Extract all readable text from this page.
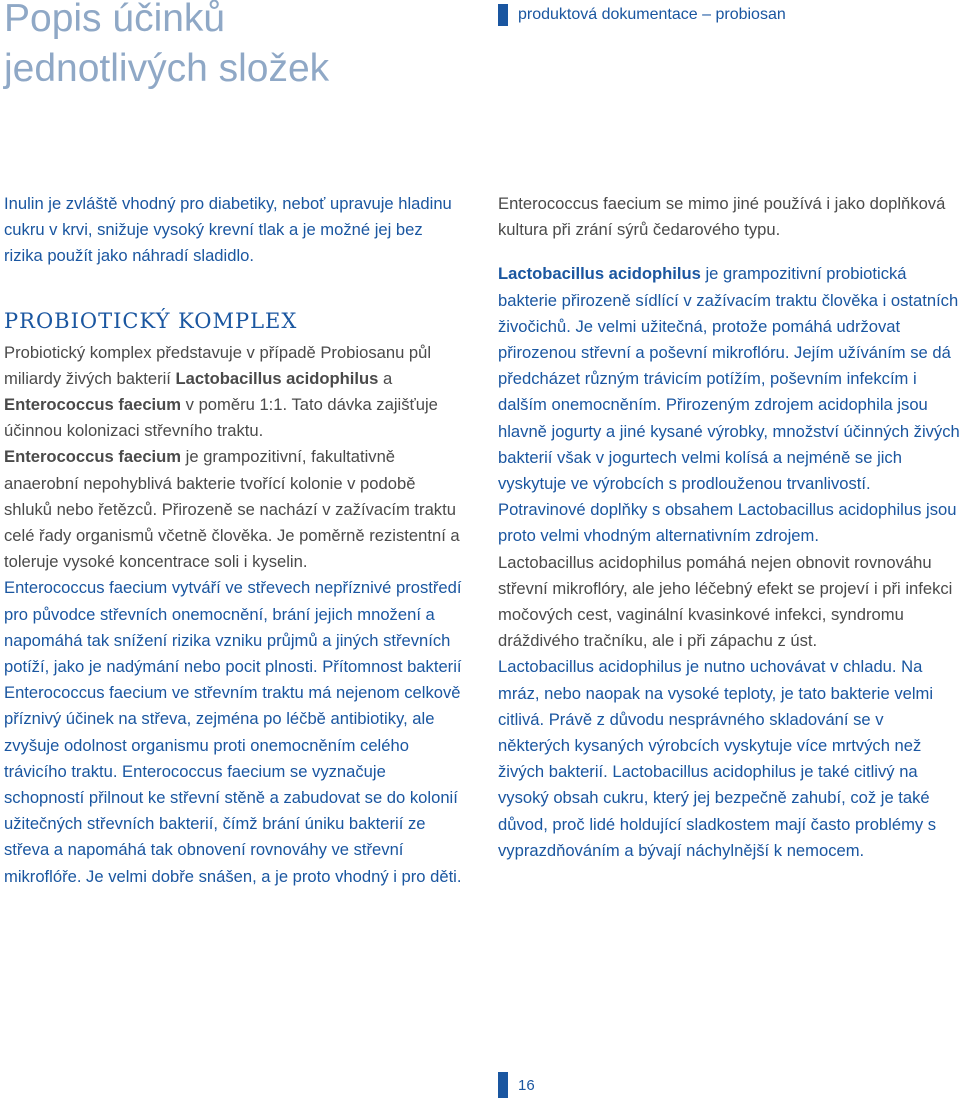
Popis účinků jednotlivých složek
produktová dokumentace – probiosan

Inulin je zvláště vhodný pro diabetiky, neboť upravuje hladinu cukru v krvi, snižuje vysoký krevní tlak a je možné jej bez rizika použít jako náhradí sladidlo.

PROBIOTICKÝ KOMPLEX

Probiotický komplex představuje v případě Probiosanu půl miliardy živých bakterií Lactobacillus acidophilus a Enterococcus faecium v poměru 1:1. Tato dávka zajišťuje účinnou kolonizaci střevního traktu.

Enterococcus faecium je grampozitivní, fakultativně anaerobní nepohyblivá bakterie tvořící kolonie v podobě shluků nebo řetězců. Přirozeně se nachází v zažívacím traktu celé řady organismů včetně člověka. Je poměrně rezistentní a toleruje vysoké koncentrace soli i kyselin.

Enterococcus faecium vytváří ve střevech nepříznivé prostředí pro původce střevních onemocnění, brání jejich množení a napomáhá tak snížení rizika vzniku průjmů a jiných střevních potíží, jako je nadýmání nebo pocit plnosti. Přítomnost bakterií Enterococcus faecium ve střevním traktu má nejenom celkově příznivý účinek na střeva, zejména po léčbě antibiotiky, ale zvyšuje odolnost organismu proti onemocněním celého trávicího traktu. Enterococcus faecium se vyznačuje schopností přilnout ke střevní stěně a zabudovat se do kolonií užitečných střevních bakterií, čímž brání úniku bakterií ze střeva a napomáhá tak obnovení rovnováhy ve střevní mikroflóře. Je velmi dobře snášen, a je proto vhodný i pro děti.

Enterococcus faecium se mimo jiné používá i jako doplňková kultura při zrání sýrů čedarového typu.

Lactobacillus acidophilus je grampozitivní probiotická bakterie přirozeně sídlící v zažívacím traktu člověka i ostatních živočichů. Je velmi užitečná, protože pomáhá udržovat přirozenou střevní a poševní mikroflóru. Jejím užíváním se dá předcházet různým trávicím potížím, poševním infekcím i dalším onemocněním. Přirozeným zdrojem acidophila jsou hlavně jogurty a jiné kysané výrobky, množství účinných živých bakterií však v jogurtech velmi kolísá a nejméně se jich vyskytuje ve výrobcích s prodlouženou trvanlivostí. Potravinové doplňky s obsahem Lactobacillus acidophilus jsou proto velmi vhodným alternativním zdrojem.

Lactobacillus acidophilus pomáhá nejen obnovit rovnováhu střevní mikroflóry, ale jeho léčebný efekt se projeví i při infekci močových cest, vaginální kvasinkové infekci, syndromu dráždivého tračníku, ale i při zápachu z úst.

Lactobacillus acidophilus je nutno uchovávat v chladu. Na mráz, nebo naopak na vysoké teploty, je tato bakterie velmi citlivá. Právě z důvodu nesprávného skladování se v některých kysaných výrobcích vyskytuje více mrtvých než živých bakterií. Lactobacillus acidophilus je také citlivý na vysoký obsah cukru, který jej bezpečně zahubí, což je také důvod, proč lidé holdující sladkostem mají často problémy s vyprazdňováním a bývají náchylnější k nemocem.

16
